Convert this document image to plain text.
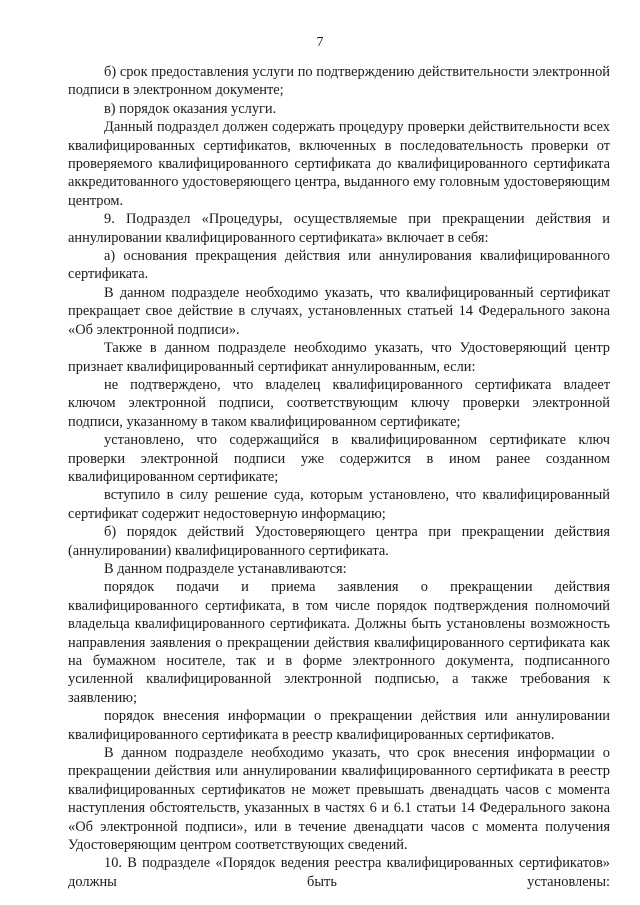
7

б) срок предоставления услуги по подтверждению действительности электронной подписи в электронном документе;

в) порядок оказания услуги.

Данный подраздел должен содержать процедуру проверки действительности всех квалифицированных сертификатов, включенных в последовательность проверки от проверяемого квалифицированного сертификата до квалифицированного сертификата аккредитованного удостоверяющего центра, выданного ему головным удостоверяющим центром.

9. Подраздел «Процедуры, осуществляемые при прекращении действия и аннулировании квалифицированного сертификата» включает в себя:

а) основания прекращения действия или аннулирования квалифицированного сертификата.

В данном подразделе необходимо указать, что квалифицированный сертификат прекращает свое действие в случаях, установленных статьей 14 Федерального закона «Об электронной подписи».

Также в данном подразделе необходимо указать, что Удостоверяющий центр признает квалифицированный сертификат аннулированным, если:

не подтверждено, что владелец квалифицированного сертификата владеет ключом электронной подписи, соответствующим ключу проверки электронной подписи, указанному в таком квалифицированном сертификате;

установлено, что содержащийся в квалифицированном сертификате ключ проверки электронной подписи уже содержится в ином ранее созданном квалифицированном сертификате;

вступило в силу решение суда, которым установлено, что квалифицированный сертификат содержит недостоверную информацию;

б) порядок действий Удостоверяющего центра при прекращении действия (аннулировании) квалифицированного сертификата.

В данном подразделе устанавливаются:

порядок подачи и приема заявления о прекращении действия квалифицированного сертификата, в том числе порядок подтверждения полномочий владельца квалифицированного сертификата. Должны быть установлены возможность направления заявления о прекращении действия квалифицированного сертификата как на бумажном носителе, так и в форме электронного документа, подписанного усиленной квалифицированной электронной подписью, а также требования к заявлению;

порядок внесения информации о прекращении действия или аннулировании квалифицированного сертификата в реестр квалифицированных сертификатов.

В данном подразделе необходимо указать, что срок внесения информации о прекращении действия или аннулировании квалифицированного сертификата в реестр квалифицированных сертификатов не может превышать двенадцать часов с момента наступления обстоятельств, указанных в частях 6 и 6.1 статьи 14 Федерального закона «Об электронной подписи», или в течение двенадцати часов с момента получения Удостоверяющим центром соответствующих сведений.

10. В подразделе «Порядок ведения реестра квалифицированных сертификатов» должны быть установлены:
